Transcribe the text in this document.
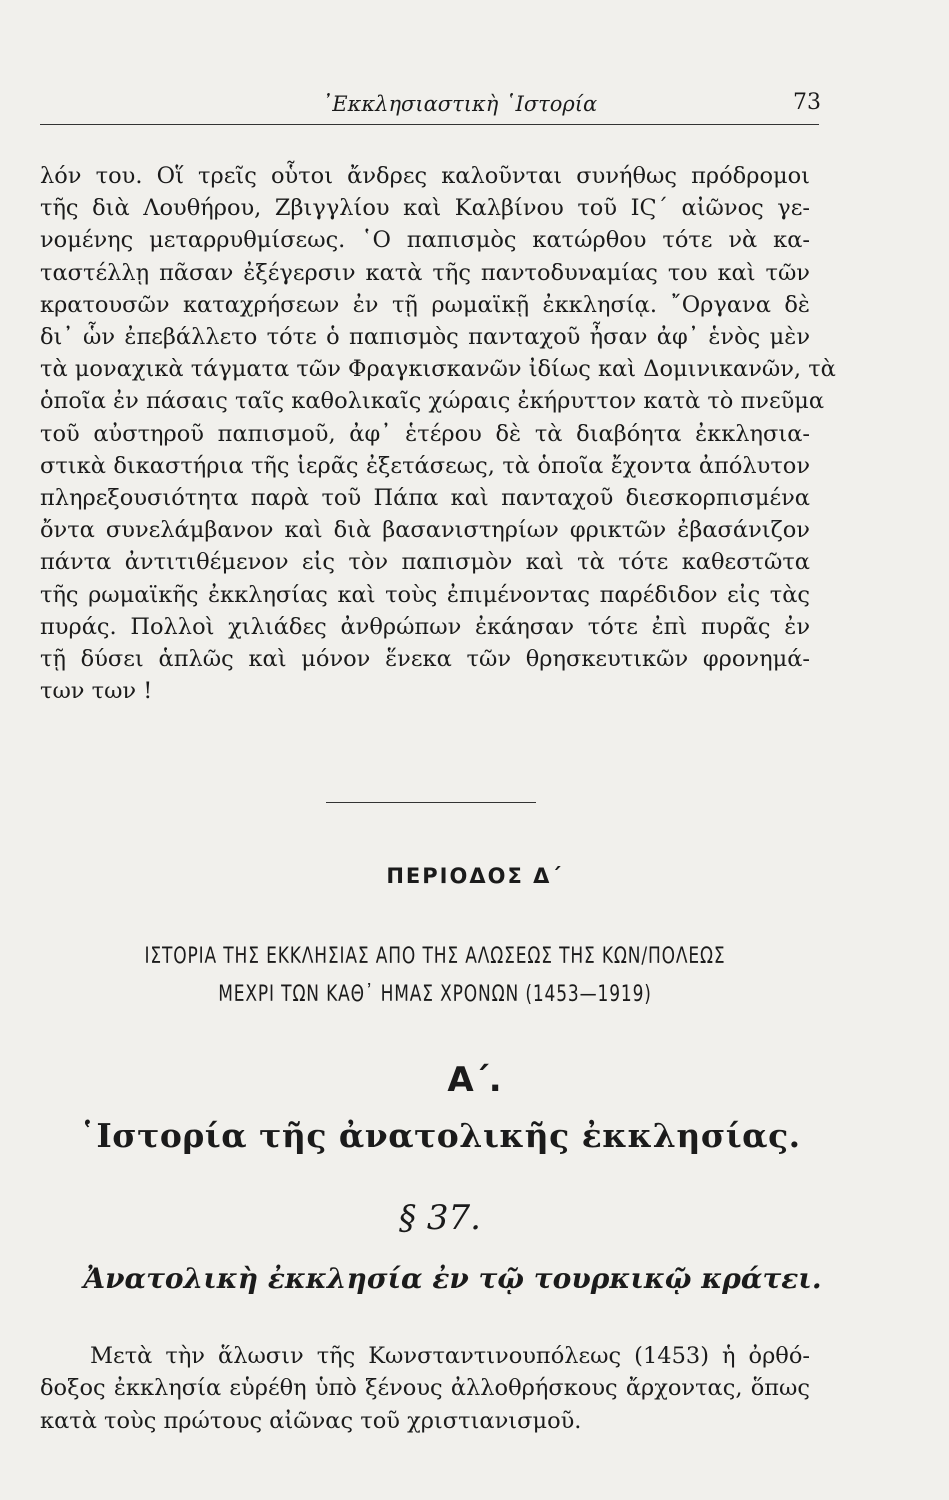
᾿Εκκλησιαστικὴ ῾Ιστορία	73
λόν του. Οἵ τρεῖς οὗτοι ἄνδρες καλοῦνται συνήθως πρόδρομοι
τῆς διὰ Λουθήρου, Ζβιγγλίου καὶ Καλβίνου τοῦ ΙϚ΄ αἰῶνος γε-
νομένης μεταρρυθμίσεως. ῾Ο παπισμὸς κατώρθου τότε νὰ κα-
ταστέλλῃ πᾶσαν ἐξέγερσιν κατὰ τῆς παντοδυναμίας του καὶ τῶν
κρατουσῶν καταχρήσεων ἐν τῇ ρωμαϊκῇ ἐκκλησίᾳ. ῎Οργανα δὲ
δι᾿ ὧν ἐπεβάλλετο τότε ὁ παπισμὸς πανταχοῦ ἦσαν ἀφ᾿ ἑνὸς μὲν
τὰ μοναχικὰ τάγματα τῶν Φραγκισκανῶν ἰδίως καὶ Δομινικανῶν, τὰ
ὁποῖα ἐν πάσαις ταῖς καθολικαῖς χώραις ἐκήρυττον κατὰ τὸ πνεῦμα
τοῦ αὐστηροῦ παπισμοῦ, ἀφ᾿ ἑτέρου δὲ τὰ διαβόητα ἐκκλησια-
στικὰ δικαστήρια τῆς ἱερᾶς ἐξετάσεως, τὰ ὁποῖα ἔχοντα ἀπόλυτον
πληρεξουσιότητα παρὰ τοῦ Πάπα καὶ πανταχοῦ διεσκορπισμένα
ὄντα συνελάμβανον καὶ διὰ βασανιστηρίων φρικτῶν ἐβασάνιζον
πάντα ἀντιτιθέμενον εἰς τὸν παπισμὸν καὶ τὰ τότε καθεστῶτα
τῆς ρωμαϊκῆς ἐκκλησίας καὶ τοὺς ἐπιμένοντας παρέδιδον εἰς τὰς
πυράς. Πολλοὶ χιλιάδες ἀνθρώπων ἐκάησαν τότε ἐπὶ πυρᾶς ἐν
τῇ δύσει ἁπλῶς καὶ μόνον ἕνεκα τῶν θρησκευτικῶν φρονημά-
των των !
ΠΕΡΙΟΔΟΣ Δ΄
ΙΣΤΟΡΙΑ ΤΗΣ ΕΚΚΛΗΣΙΑΣ ΑΠΟ ΤΗΣ ΑΛΩΣΕΩΣ ΤΗΣ ΚΩΝ/ΠΟΛΕΩΣ
ΜΕΧΡΙ ΤΩΝ ΚΑΘ᾿ ΗΜΑΣ ΧΡΟΝΩΝ (1453—1919)
Α΄.
῾Ιστορία τῆς ἀνατολικῆς ἐκκλησίας.
§ 37.
Ἀνατολικὴ ἐκκλησία ἐν τῷ τουρκικῷ κράτει.
Μετὰ τὴν ἅλωσιν τῆς Κωνσταντινουπόλεως (1453) ἡ ὀρθό-
δοξος ἐκκλησία εὑρέθη ὑπὸ ξένους ἀλλοθρήσκους ἄρχοντας, ὅπως
κατὰ τοὺς πρώτους αἰῶνας τοῦ χριστιανισμοῦ.
